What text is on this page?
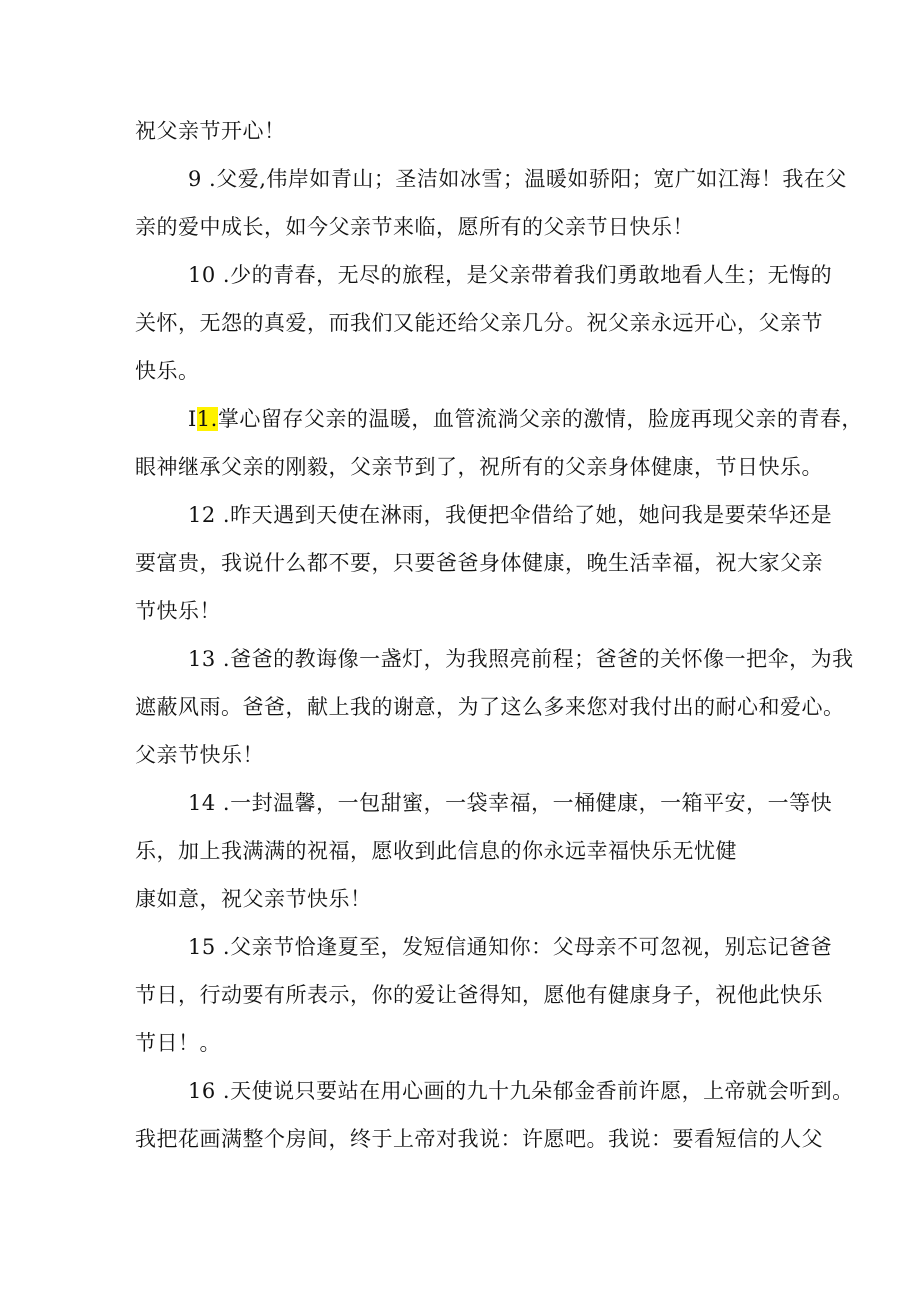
祝父亲节开心！
9 .父爱,伟岸如青山；圣洁如冰雪；温暖如骄阳；宽广如江海！我在父
亲的爱中成长，如今父亲节来临，愿所有的父亲节日快乐！
10 .少的青春，无尽的旅程，是父亲带着我们勇敢地看人生；无悔的
关怀，无怨的真爱，而我们又能还给父亲几分。祝父亲永远开心，父亲节
快乐。
I1.掌心留存父亲的温暖，血管流淌父亲的激情，脸庞再现父亲的青春，
眼神继承父亲的刚毅，父亲节到了，祝所有的父亲身体健康，节日快乐。
12 .昨天遇到天使在淋雨，我便把伞借给了她，她问我是要荣华还是
要富贵，我说什么都不要，只要爸爸身体健康，晚生活幸福，祝大家父亲
节快乐！
13 .爸爸的教诲像一盏灯，为我照亮前程；爸爸的关怀像一把伞，为我
遮蔽风雨。爸爸，献上我的谢意，为了这么多来您对我付出的耐心和爱心。
父亲节快乐！
14 .一封温馨，一包甜蜜，一袋幸福，一桶健康，一箱平安，一等快
乐，加上我满满的祝福，愿收到此信息的你永远幸福快乐无忧健
康如意，祝父亲节快乐！
15 .父亲节恰逢夏至，发短信通知你：父母亲不可忽视，别忘记爸爸
节日，行动要有所表示，你的爱让爸得知，愿他有健康身子，祝他此快乐
节日！。
16 .天使说只要站在用心画的九十九朵郁金香前许愿，上帝就会听到。
我把花画满整个房间，终于上帝对我说：许愿吧。我说：要看短信的人父
